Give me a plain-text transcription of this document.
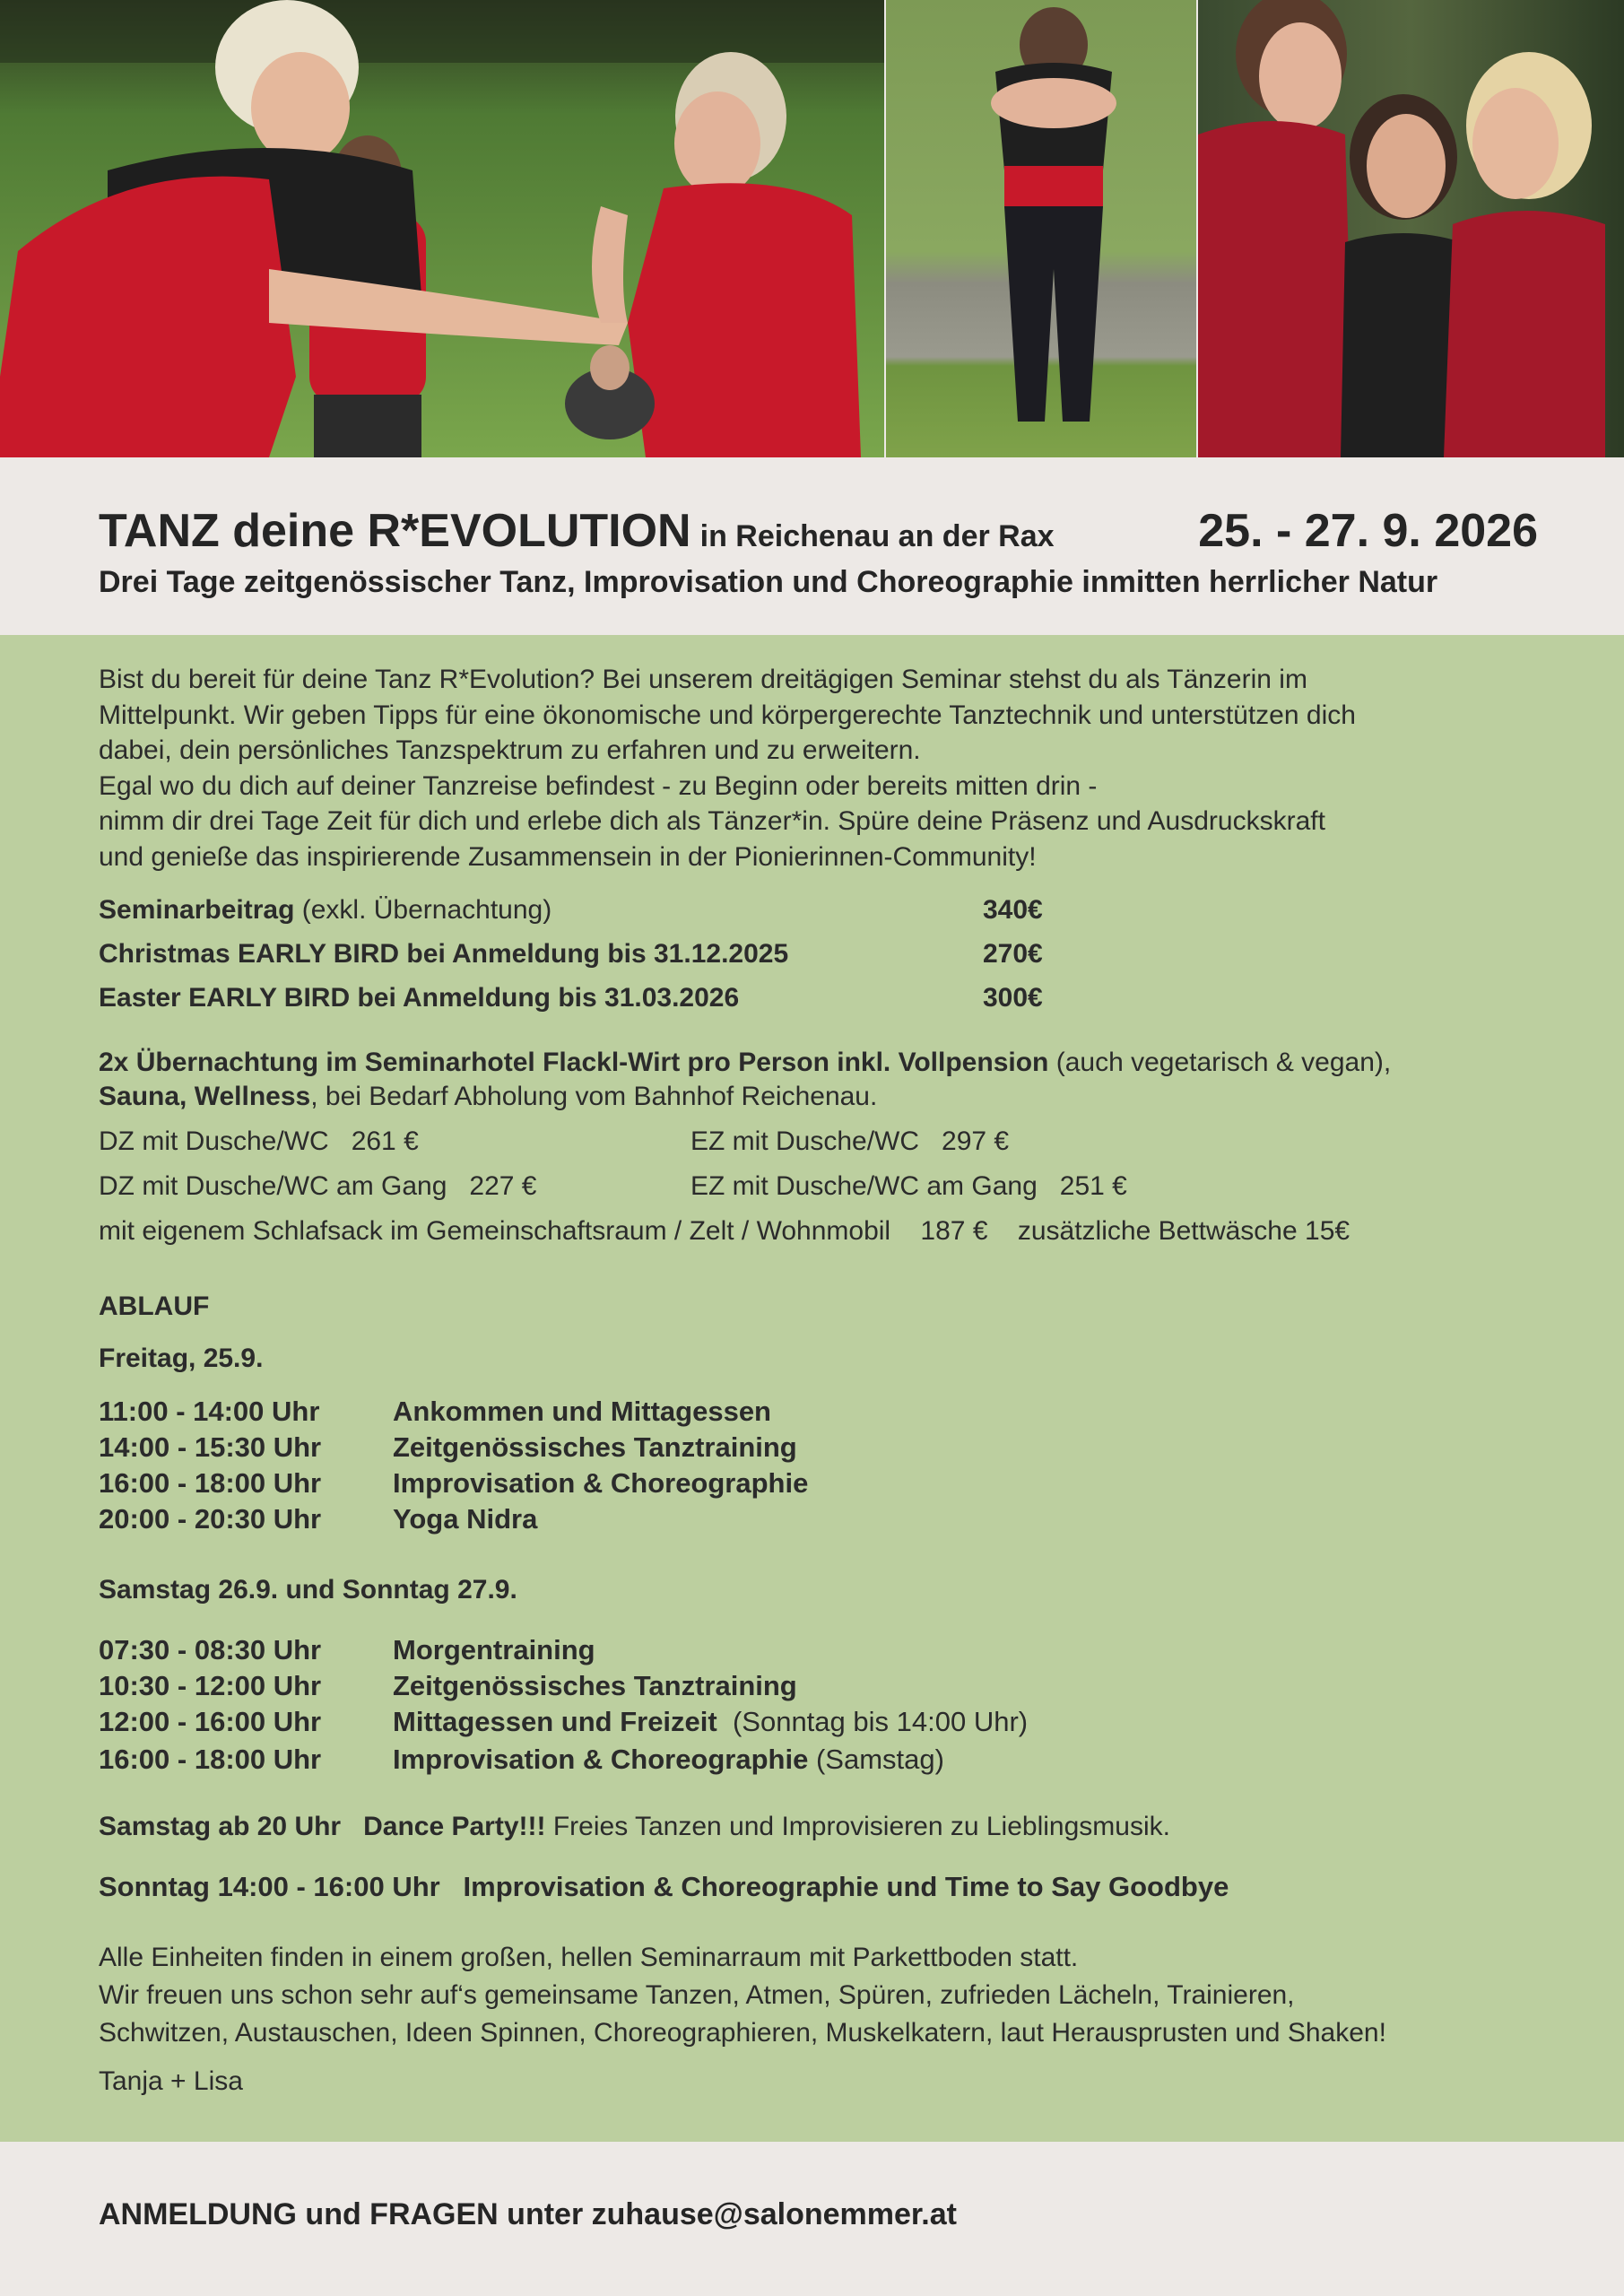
TANZ deine R*EVOLUTION in Reichenau an der Rax	25. - 27. 9. 2026
Drei Tage zeitgenössischer Tanz, Improvisation und Choreographie inmitten herrlicher Natur
Bist du bereit für deine Tanz R*Evolution? Bei unserem dreitägigen Seminar stehst du als Tänzerin im
Mittelpunkt. Wir geben Tipps für eine ökonomische und körpergerechte Tanztechnik und unterstützen dich
dabei, dein persönliches Tanzspektrum zu erfahren und zu erweitern.
Egal wo du dich auf deiner Tanzreise befindest - zu Beginn oder bereits mitten drin -
nimm dir drei Tage Zeit für dich und erlebe dich als Tänzer*in. Spüre deine Präsenz und Ausdruckskraft
und genieße das inspirierende Zusammensein in der Pionierinnen-Community!
Seminarbeitrag (exkl. Übernachtung)	340€
Christmas EARLY BIRD bei Anmeldung bis 31.12.2025	270€
Easter EARLY BIRD bei Anmeldung bis 31.03.2026	300€
2x Übernachtung im Seminarhotel Flackl-Wirt pro Person inkl. Vollpension (auch vegetarisch & vegan),
Sauna, Wellness, bei Bedarf Abholung vom Bahnhof Reichenau.
DZ mit Dusche/WC   261 €	EZ mit Dusche/WC   297 €
DZ mit Dusche/WC am Gang   227 €	EZ mit Dusche/WC am Gang   251 €
mit eigenem Schlafsack im Gemeinschaftsraum / Zelt / Wohnmobil    187 €    zusätzliche Bettwäsche 15€
ABLAUF
Freitag, 25.9.
11:00 - 14:00 Uhr	Ankommen und Mittagessen
14:00 - 15:30 Uhr	Zeitgenössisches Tanztraining
16:00 - 18:00 Uhr	Improvisation & Choreographie
20:00 - 20:30 Uhr	Yoga Nidra
Samstag 26.9. und Sonntag 27.9.
07:30 - 08:30 Uhr	Morgentraining
10:30 - 12:00 Uhr	Zeitgenössisches Tanztraining
12:00 - 16:00 Uhr	Mittagessen und Freizeit  (Sonntag bis 14:00 Uhr)
16:00 - 18:00 Uhr	Improvisation & Choreographie (Samstag)
Samstag ab 20 Uhr   Dance Party!!! Freies Tanzen und Improvisieren zu Lieblingsmusik.
Sonntag 14:00 - 16:00 Uhr   Improvisation & Choreographie und Time to Say Goodbye
Alle Einheiten finden in einem großen, hellen Seminarraum mit Parkettboden statt.
Wir freuen uns schon sehr auf‘s gemeinsame Tanzen, Atmen, Spüren, zufrieden Lächeln, Trainieren,
Schwitzen, Austauschen, Ideen Spinnen, Choreographieren, Muskelkatern, laut Herausprusten und Shaken!
Tanja + Lisa
ANMELDUNG und FRAGEN unter zuhause@salonemmer.at
